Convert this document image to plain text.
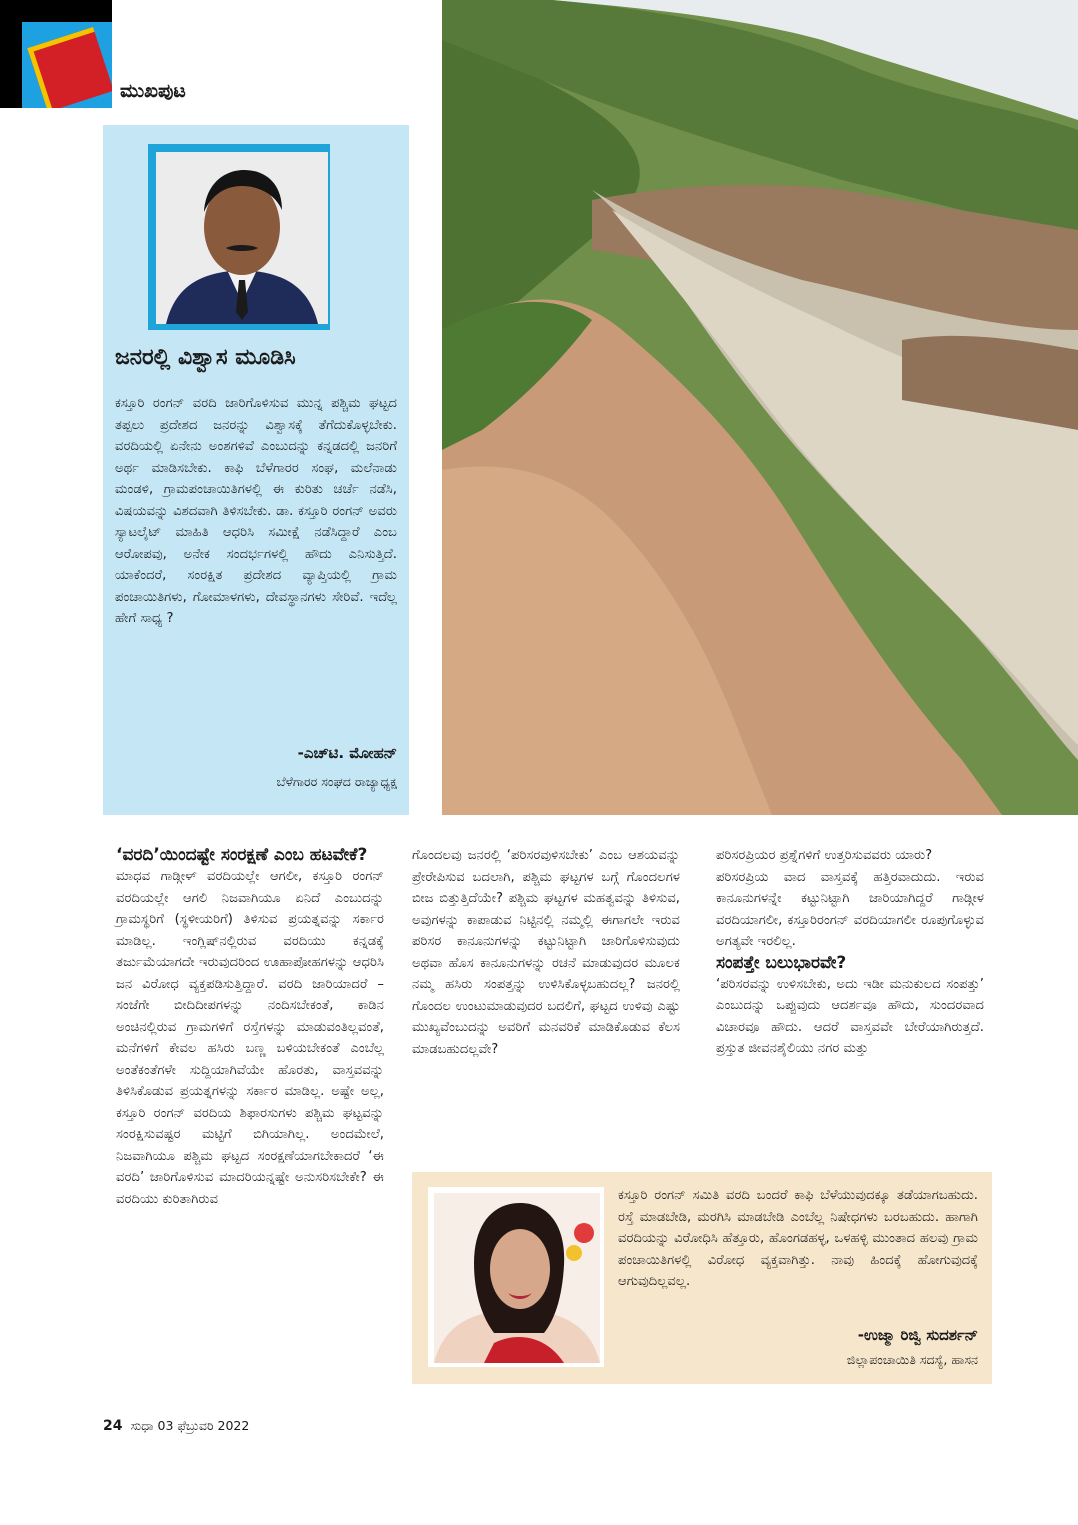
ಮುಖಪುಟ
ಜನರಲ್ಲಿ ವಿಶ್ವಾಸ ಮೂಡಿಸಿ
ಕಸ್ತೂರಿ ರಂಗನ್ ವರದಿ ಜಾರಿಗೊಳಿಸುವ ಮುನ್ನ ಪಶ್ಚಿಮ ಘಟ್ಟದ ತಪ್ಪಲು ಪ್ರದೇಶದ ಜನರನ್ನು ವಿಶ್ವಾಸಕ್ಕೆ ತೆಗೆದುಕೊಳ್ಳಬೇಕು. ವರದಿಯಲ್ಲಿ ಏನೇನು ಅಂಶಗಳಿವೆ ಎಂಬುದನ್ನು ಕನ್ನಡದಲ್ಲಿ ಜನರಿಗೆ ಅರ್ಥ ಮಾಡಿಸಬೇಕು. ಕಾಫಿ ಬೆಳೆಗಾರರ ಸಂಘ, ಮಲೆನಾಡು ಮಂಡಳಿ, ಗ್ರಾಮಪಂಚಾಯಿತಿಗಳಲ್ಲಿ ಈ ಕುರಿತು ಚರ್ಚೆ ನಡೆಸಿ, ವಿಷಯವನ್ನು ವಿಶದವಾಗಿ ತಿಳಿಸಬೇಕು. ಡಾ. ಕಸ್ತೂರಿ ರಂಗನ್ ಅವರು ಸ್ಯಾಟಲೈಟ್ ಮಾಹಿತಿ ಆಧರಿಸಿ ಸಮೀಕ್ಷೆ ನಡೆಸಿದ್ದಾರೆ ಎಂಬ ಆರೋಪವು, ಅನೇಕ ಸಂದರ್ಭಗಳಲ್ಲಿ ಹೌದು ಎನಿಸುತ್ತಿದೆ. ಯಾಕೆಂದರೆ, ಸಂರಕ್ಷಿತ ಪ್ರದೇಶದ ವ್ಯಾಪ್ತಿಯಲ್ಲಿ ಗ್ರಾಮ ಪಂಚಾಯಿತಿಗಳು, ಗೋಮಾಳಗಳು, ದೇವಸ್ಥಾನಗಳು ಸೇರಿವೆ. ಇದೆಲ್ಲ ಹೇಗೆ ಸಾಧ್ಯ ?
-ಎಚ್‌ಟಿ. ಮೋಹನ್
ಬೆಳೆಗಾರರ ಸಂಘದ ರಾಜ್ಯಾಧ್ಯಕ್ಷ
‘ವರದಿ’ಯಿಂದಷ್ಟೇ ಸಂರಕ್ಷಣೆ ಎಂಬ ಹಟವೇಕೆ?
ಮಾಧವ ಗಾಡ್ಗೀಳ್ ವರದಿಯಲ್ಲೇ ಆಗಲೀ, ಕಸ್ತೂರಿ ರಂಗನ್ ವರದಿಯಲ್ಲೇ ಆಗಲಿ ನಿಜವಾಗಿಯೂ ಏನಿದೆ ಎಂಬುದನ್ನು ಗ್ರಾಮಸ್ಥರಿಗೆ (ಸ್ಥಳೀಯರಿಗೆ) ತಿಳಿಸುವ ಪ್ರಯತ್ನವನ್ನು ಸರ್ಕಾರ ಮಾಡಿಲ್ಲ. ಇಂಗ್ಲಿಷ್‌ನಲ್ಲಿರುವ ವರದಿಯು ಕನ್ನಡಕ್ಕೆ ತರ್ಜುಮೆಯಾಗದೇ ಇರುವುದರಿಂದ ಊಹಾಪೋಹಗಳನ್ನು ಆಧರಿಸಿ ಜನ ವಿರೋಧ ವ್ಯಕ್ತಪಡಿಸುತ್ತಿದ್ದಾರೆ. ವರದಿ ಜಾರಿಯಾದರೆ – ಸಂಜೆಗೇ ಬೀದಿದೀಪಗಳನ್ನು ನಂದಿಸಬೇಕಂತೆ, ಕಾಡಿನ ಅಂಚಿನಲ್ಲಿರುವ ಗ್ರಾಮಗಳಿಗೆ ರಸ್ತೆಗಳನ್ನು ಮಾಡುವಂತಿಲ್ಲವಂತೆ, ಮನೆಗಳಿಗೆ ಕೇವಲ ಹಸಿರು ಬಣ್ಣ ಬಳಿಯಬೇಕಂತೆ ಎಂಬೆಲ್ಲ ಅಂತೆಕಂತೆಗಳೇ ಸುದ್ದಿಯಾಗಿವೆಯೇ ಹೊರತು, ವಾಸ್ತವವನ್ನು ತಿಳಿಸಿಕೊಡುವ ಪ್ರಯತ್ನಗಳನ್ನು ಸರ್ಕಾರ ಮಾಡಿಲ್ಲ. ಅಷ್ಟೇ ಅಲ್ಲ, ಕಸ್ತೂರಿ ರಂಗನ್ ವರದಿಯ ಶಿಫಾರಸುಗಳು ಪಶ್ಚಿಮ ಘಟ್ಟವನ್ನು ಸಂರಕ್ಷಿಸುವಷ್ಟರ ಮಟ್ಟಿಗೆ ಬಿಗಿಯಾಗಿಲ್ಲ. ಅಂದಮೇಲೆ, ನಿಜವಾಗಿಯೂ ಪಶ್ಚಿಮ ಘಟ್ಟದ ಸಂರಕ್ಷಣೆಯಾಗಬೇಕಾದರೆ ‘ಈ ವರದಿ’ ಜಾರಿಗೊಳಿಸುವ ಮಾದರಿಯನ್ನಷ್ಟೇ ಅನುಸರಿಸಬೇಕೇ? ಈ ವರದಿಯು ಕುರಿತಾಗಿರುವ
ಗೊಂದಲವು ಜನರಲ್ಲಿ ‘ಪರಿಸರವುಳಿಸಬೇಕು’ ಎಂಬ ಆಶಯವನ್ನು ಪ್ರೇರೇಪಿಸುವ ಬದಲಾಗಿ, ಪಶ್ಚಿಮ ಘಟ್ಟಗಳ ಬಗ್ಗೆ ಗೊಂದಲಗಳ ಬೀಜ ಬಿತ್ತುತ್ತಿದೆಯೇ? ಪಶ್ಚಿಮ ಘಟ್ಟಗಳ ಮಹತ್ವವನ್ನು ತಿಳಿಸುವ, ಅವುಗಳನ್ನು ಕಾಪಾಡುವ ನಿಟ್ಟಿನಲ್ಲಿ ನಮ್ಮಲ್ಲಿ ಈಗಾಗಲೇ ಇರುವ ಪರಿಸರ ಕಾನೂನುಗಳನ್ನು ಕಟ್ಟುನಿಟ್ಟಾಗಿ ಜಾರಿಗೊಳಿಸುವುದು ಅಥವಾ ಹೊಸ ಕಾನೂನುಗಳನ್ನು ರಚನೆ ಮಾಡುವುದರ ಮೂಲಕ ನಮ್ಮ ಹಸಿರು ಸಂಪತ್ತನ್ನು ಉಳಿಸಿಕೊಳ್ಳಬಹುದಲ್ಲ? ಜನರಲ್ಲಿ ಗೊಂದಲ ಉಂಟುಮಾಡುವುದರ ಬದಲಿಗೆ, ಘಟ್ಟದ ಉಳಿವು ಎಷ್ಟು ಮುಖ್ಯವೆಂಬುದನ್ನು ಅವರಿಗೆ ಮನವರಿಕೆ ಮಾಡಿಕೊಡುವ ಕೆಲಸ ಮಾಡಬಹುದಲ್ಲವೇ?
ಪರಿಸರಪ್ರಿಯರ ಪ್ರಶ್ನೆಗಳಿಗೆ ಉತ್ತರಿಸುವವರು ಯಾರು?
ಪರಿಸರಪ್ರಿಯ ವಾದ ವಾಸ್ತವಕ್ಕೆ ಹತ್ತಿರವಾದುದು. ಇರುವ ಕಾನೂನುಗಳನ್ನೇ ಕಟ್ಟುನಿಟ್ಟಾಗಿ ಜಾರಿಯಾಗಿದ್ದರೆ ಗಾಡ್ಗೀಳ ವರದಿಯಾಗಲೀ, ಕಸ್ತೂರಿರಂಗನ್ ವರದಿಯಾಗಲೀ ರೂಪುಗೊಳ್ಳುವ ಅಗತ್ಯವೇ ಇರಲಿಲ್ಲ.
ಸಂಪತ್ತೇ ಬಲುಭಾರವೇ?
‘ಪರಿಸರವನ್ನು ಉಳಿಸಬೇಕು, ಅದು ಇಡೀ ಮನುಕುಲದ ಸಂಪತ್ತು’ ಎಂಬುದನ್ನು ಒಪ್ಪುವುದು ಆದರ್ಶವೂ ಹೌದು, ಸುಂದರವಾದ ವಿಚಾರವೂ ಹೌದು. ಆದರೆ ವಾಸ್ತವವೇ ಬೇರೆಯಾಗಿರುತ್ತದೆ. ಪ್ರಸ್ತುತ ಜೀವನಶೈಲಿಯು ನಗರ ಮತ್ತು
ಕಸ್ತೂರಿ ರಂಗನ್ ಸಮಿತಿ ವರದಿ ಬಂದರೆ ಕಾಫಿ ಬೆಳೆಯುವುದಕ್ಕೂ ತಡೆಯಾಗಬಹುದು. ರಸ್ತೆ ಮಾಡಬೇಡಿ, ಮರಗಿಸಿ ಮಾಡಬೇಡಿ ಎಂಬೆಲ್ಲ ನಿಷೇಧಗಳು ಬರಬಹುದು. ಹಾಗಾಗಿ ವರದಿಯನ್ನು ವಿರೋಧಿಸಿ ಹೆತ್ತೂರು, ಹೊಂಗಡಹಳ್ಳ, ಒಳಹಳ್ಳಿ ಮುಂತಾದ ಹಲವು ಗ್ರಾಮ ಪಂಚಾಯಿತಿಗಳಲ್ಲಿ ವಿರೋಧ ವ್ಯಕ್ತವಾಗಿತ್ತು. ನಾವು ಹಿಂದಕ್ಕೆ ಹೋಗುವುದಕ್ಕೆ ಆಗುವುದಿಲ್ಲವಲ್ಲ.
-ಉಜ್ಮಾ ರಿಜ್ವಿ ಸುದರ್ಶನ್
ಜಿಲ್ಲಾಪಂಚಾಯಿತಿ ಸದಸ್ಯೆ, ಹಾಸನ
24 ಸುಧಾ 03 ಫೆಬ್ರುವರಿ 2022
